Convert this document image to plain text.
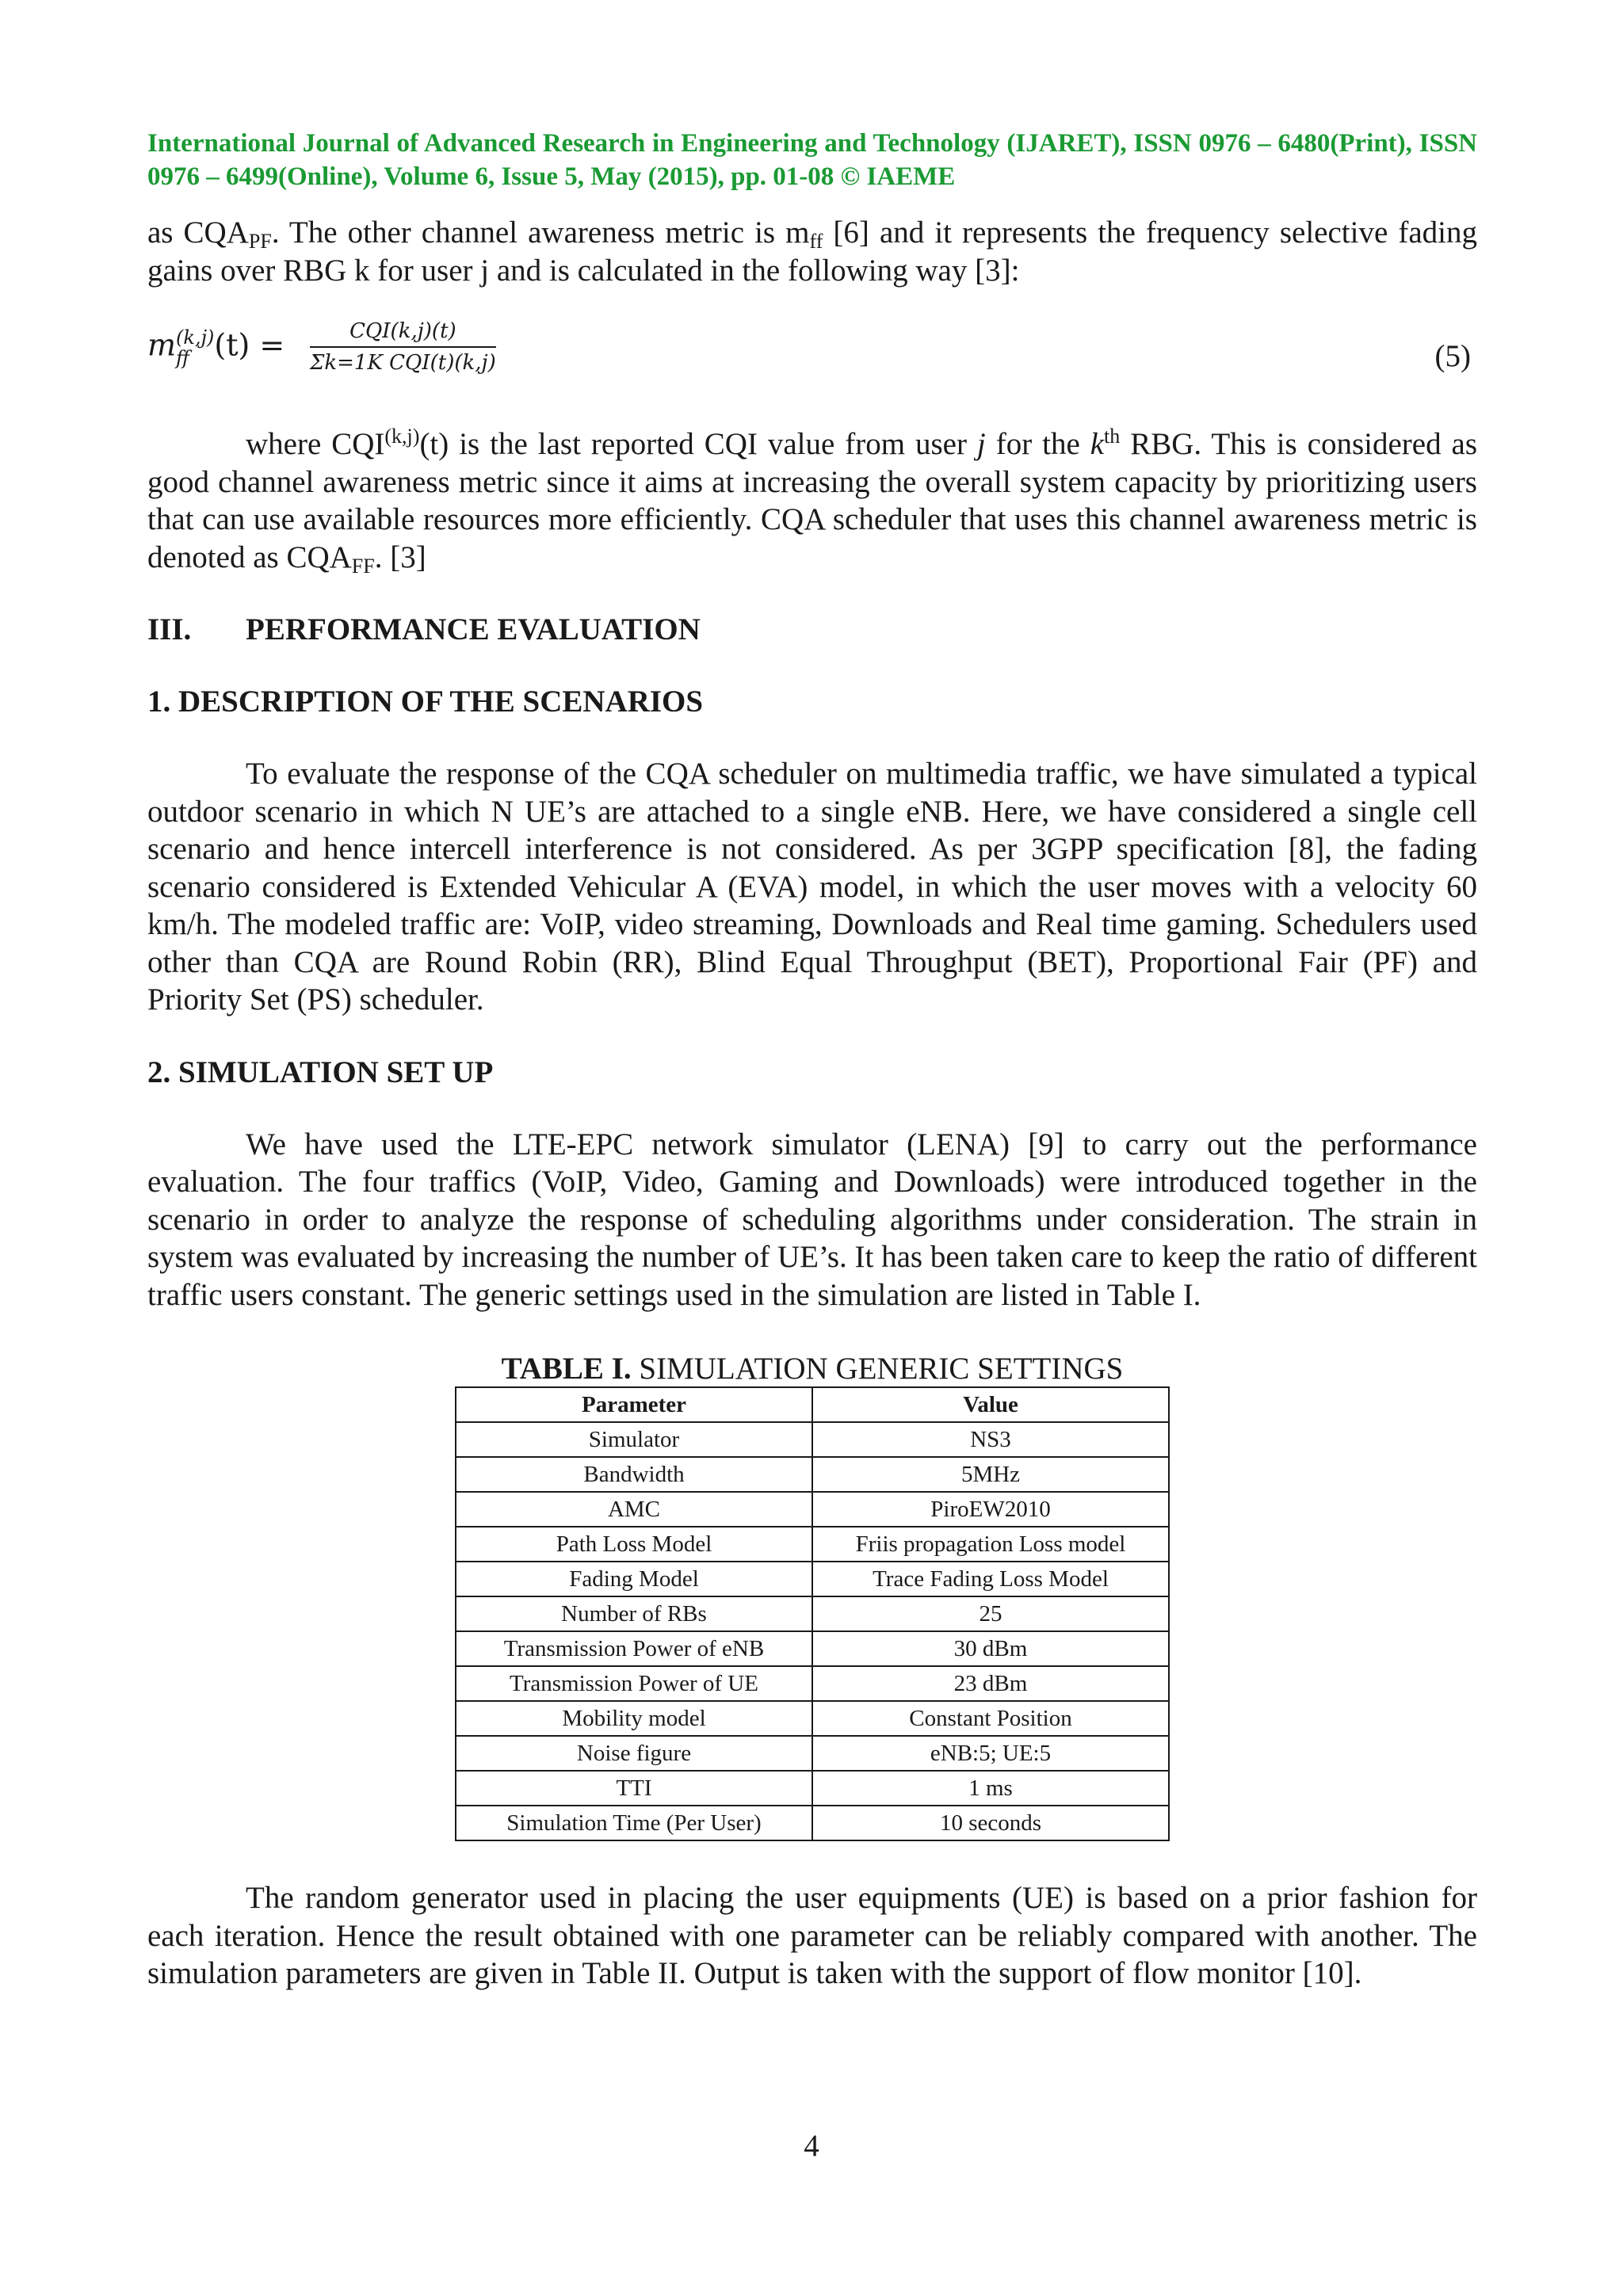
International Journal of Advanced Research in Engineering and Technology (IJARET), ISSN 0976 – 6480(Print), ISSN 0976 – 6499(Online), Volume 6, Issue 5, May (2015), pp. 01-08 © IAEME

as $CQA_{PF}$. The other channel awareness metric is $m_{ff}$ [6] and it represents the frequency selective fading gains over RBG k for user j and is calculated in the following way [3]:

m (k,j)
ff (t) =	CQI(k,j)(t)
Σk=1K CQI(t)(k,j)	(5)

where CQI$^{(k,j)}$(t) is the last reported CQI value from user j for the $k^{th}$ RBG. This is considered as good channel awareness metric since it aims at increasing the overall system capacity by prioritizing users that can use available resources more efficiently. CQA scheduler that uses this channel awareness metric is denoted as $CQA_{FF}$. [3]

III. PERFORMANCE EVALUATION
1. DESCRIPTION OF THE SCENARIOS

To evaluate the response of the CQA scheduler on multimedia traffic, we have simulated a typical outdoor scenario in which N UE’s are attached to a single eNB. Here, we have considered a single cell scenario and hence intercell interference is not considered. As per 3GPP specification [8], the fading scenario considered is Extended Vehicular A (EVA) model, in which the user moves with a velocity 60 km/h. The modeled traffic are: VoIP, video streaming, Downloads and Real time gaming. Schedulers used other than CQA are Round Robin (RR), Blind Equal Throughput (BET), Proportional Fair (PF) and Priority Set (PS) scheduler.

2. SIMULATION SET UP

We have used the LTE-EPC network simulator (LENA) [9] to carry out the performance evaluation. The four traffics (VoIP, Video, Gaming and Downloads) were introduced together in the scenario in order to analyze the response of scheduling algorithms under consideration. The strain in system was evaluated by increasing the number of UE’s. It has been taken care to keep the ratio of different traffic users constant. The generic settings used in the simulation are listed in Table I.

TABLE I. SIMULATION GENERIC SETTINGS
Parameter	Value
Simulator	NS3
Bandwidth	5MHz
AMC	PiroEW2010
Path Loss Model	Friis propagation Loss model
Fading Model	Trace Fading Loss Model
Number of RBs	25
Transmission Power of eNB	30 dBm
Transmission Power of UE	23 dBm
Mobility model	Constant Position
Noise figure	eNB:5; UE:5
TTI	1 ms
Simulation Time (Per User)	10 seconds

The random generator used in placing the user equipments (UE) is based on a prior fashion for each iteration. Hence the result obtained with one parameter can be reliably compared with another. The simulation parameters are given in Table II. Output is taken with the support of flow monitor [10].

4
